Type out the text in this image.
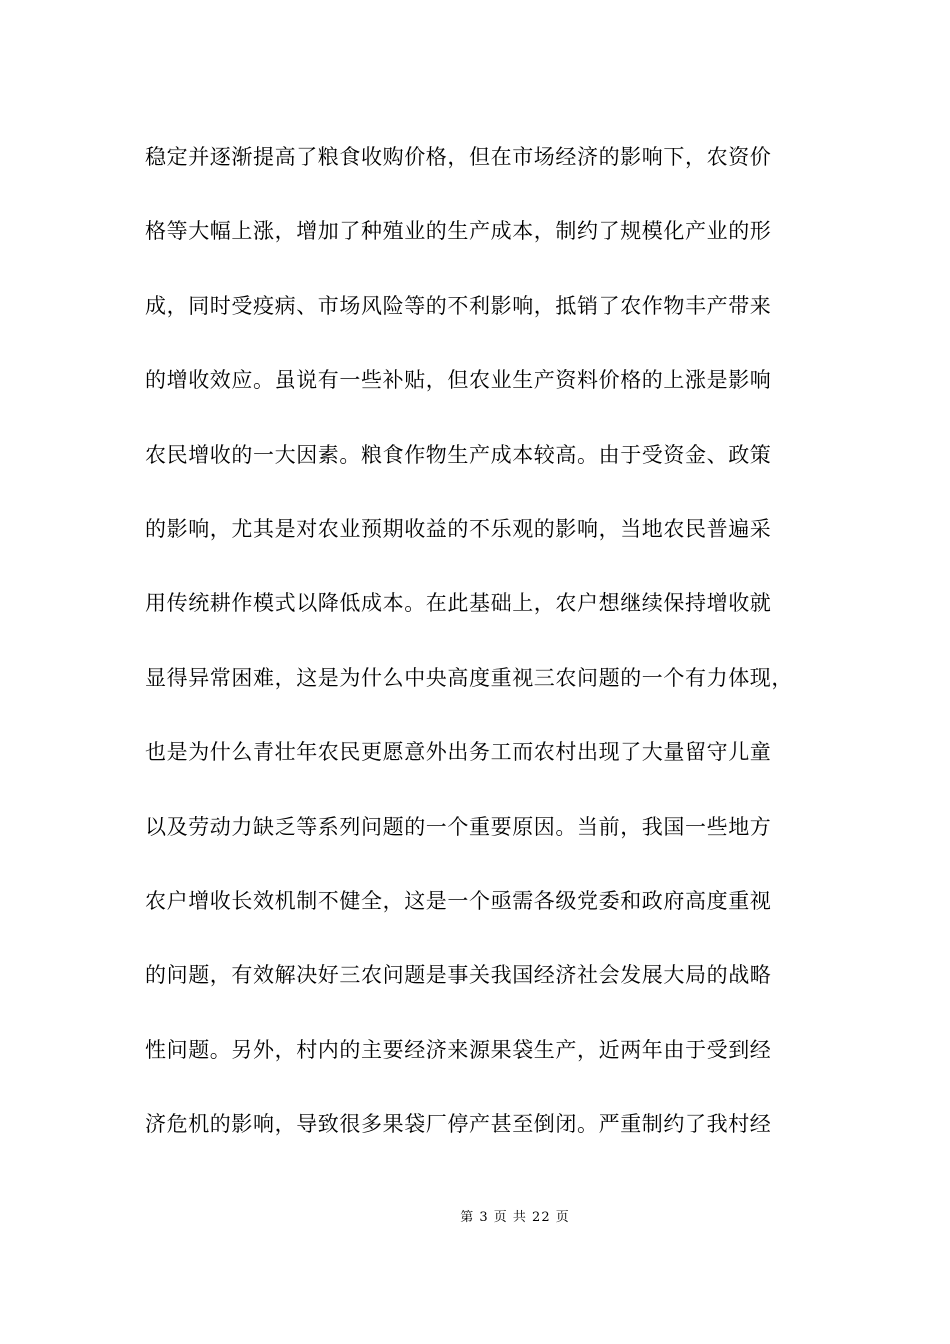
稳定并逐渐提高了粮食收购价格，但在市场经济的影响下，农资价
格等大幅上涨，增加了种殖业的生产成本，制约了规模化产业的形
成，同时受疫病、市场风险等的不利影响，抵销了农作物丰产带来
的增收效应。虽说有一些补贴，但农业生产资料价格的上涨是影响
农民增收的一大因素。粮食作物生产成本较高。由于受资金、政策
的影响，尤其是对农业预期收益的不乐观的影响，当地农民普遍采
用传统耕作模式以降低成本。在此基础上，农户想继续保持增收就
显得异常困难，这是为什么中央高度重视三农问题的一个有力体现，
也是为什么青壮年农民更愿意外出务工而农村出现了大量留守儿童
以及劳动力缺乏等系列问题的一个重要原因。当前，我国一些地方
农户增收长效机制不健全，这是一个亟需各级党委和政府高度重视
的问题，有效解决好三农问题是事关我国经济社会发展大局的战略
性问题。另外，村内的主要经济来源果袋生产，近两年由于受到经
济危机的影响，导致很多果袋厂停产甚至倒闭。严重制约了我村经
第 3 页 共 22 页
